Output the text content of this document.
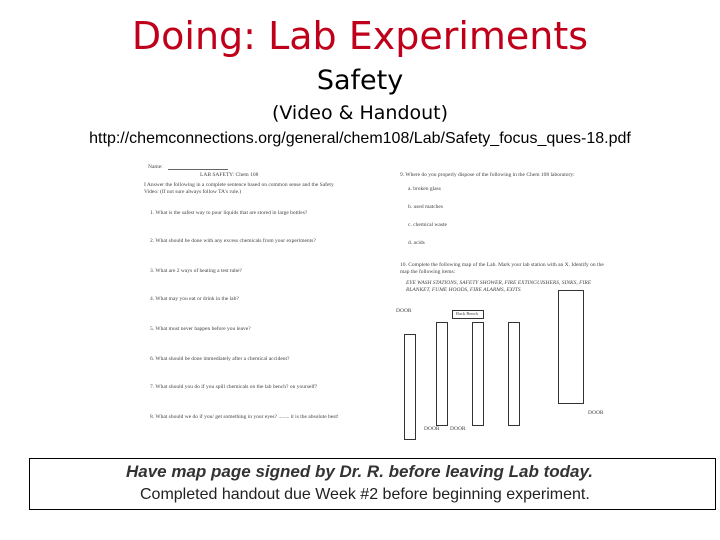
Doing: Lab Experiments
Safety
(Video & Handout)
http://chemconnections.org/general/chem108/Lab/Safety_focus_ques-18.pdf
Name:
LAB SAFETY: Chem 108
I Answer the following in a complete sentence based on common sense and the Safety Video: (If not sure always follow TA's rule.)
1. What is the safest way to pour liquids that are stored in large bottles?
2. What should be done with any excess chemicals from your experiments?
3. What are 2 ways of heating a test tube?
4. What may you eat or drink in the lab?
5. What must never happen before you leave?
6. What should be done immediately after a chemical accident?
7. What should you do if you spill chemicals on the lab bench? on yourself?
8. What should we do if you/ get something in your eyes? ........ it is the absolute best!
9. Where do you properly dispose of the following in the Chem 108 laboratory:
a. broken glass
b. used matches
c. chemical waste
d. acids
10. Complete the following map of the Lab. Mark your lab station with an X. Identify on the map the following items:
EYE WASH STATIONS, SAFETY SHOWER, FIRE EXTINGUISHERS, SINKS, FIRE BLANKET, FUME HOODS, FIRE ALARMS, EXITS
DOOR	Back Bench
DOOR
DOOR DOOR
Have map page signed by Dr. R. before leaving Lab today.
Completed handout due Week #2 before beginning experiment.
